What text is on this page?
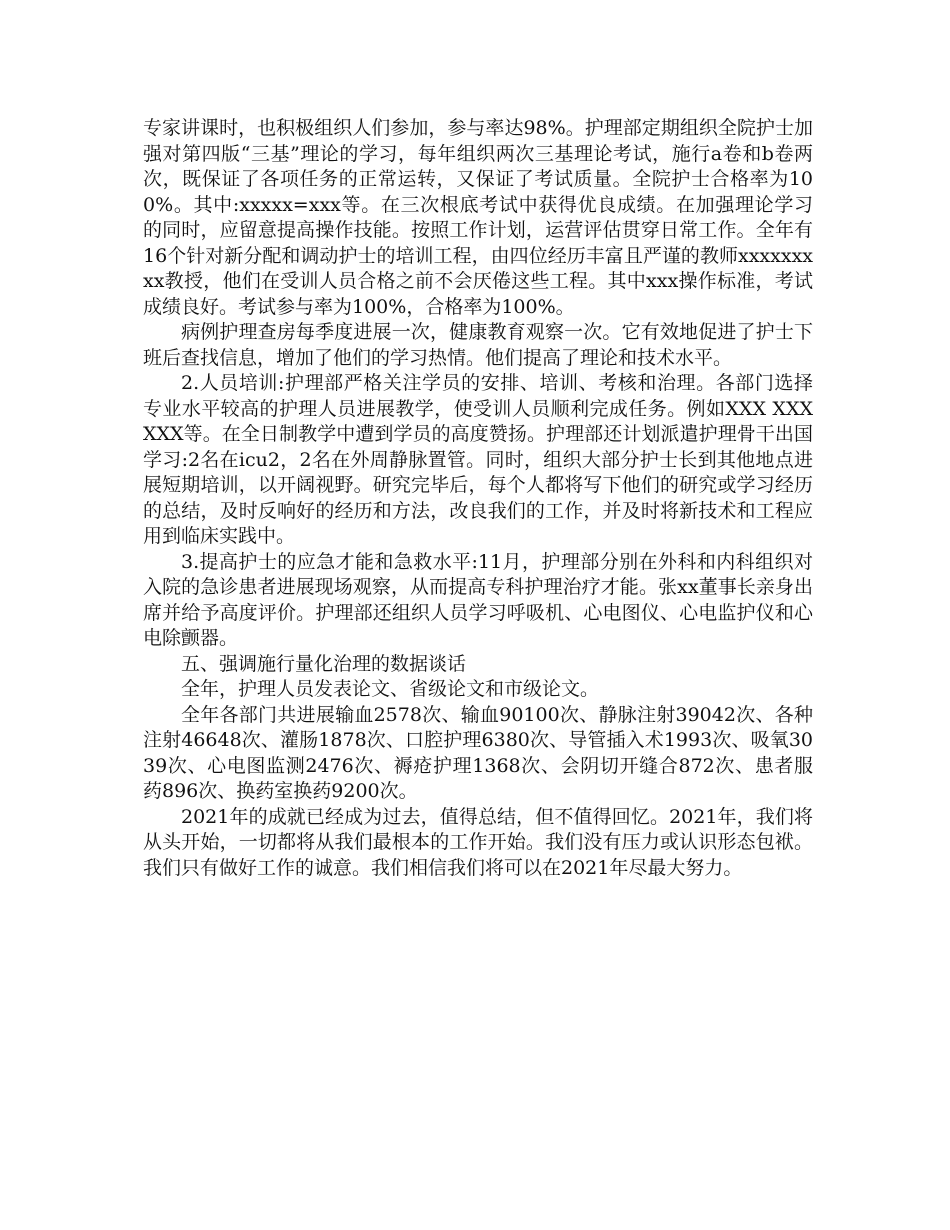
专家讲课时，也积极组织人们参加，参与率达98%。护理部定期组织全院护士加强对第四版“三基”理论的学习，每年组织两次三基理论考试，施行a卷和b卷两次，既保证了各项任务的正常运转，又保证了考试质量。全院护士合格率为100%。其中:xxxxx=xxx等。在三次根底考试中获得优良成绩。在加强理论学习的同时，应留意提高操作技能。按照工作计划，运营评估贯穿日常工作。全年有16个针对新分配和调动护士的培训工程，由四位经历丰富且严谨的教师xxxxxxxxx教授，他们在受训人员合格之前不会厌倦这些工程。其中xxx操作标准，考试成绩良好。考试参与率为100%，合格率为100%。

病例护理查房每季度进展一次，健康教育观察一次。它有效地促进了护士下班后查找信息，增加了他们的学习热情。他们提高了理论和技术水平。

2.人员培训:护理部严格关注学员的安排、培训、考核和治理。各部门选择专业水平较高的护理人员进展教学，使受训人员顺利完成任务。例如XXX XXX XXX等。在全日制教学中遭到学员的高度赞扬。护理部还计划派遣护理骨干出国学习:2名在icu2，2名在外周静脉置管。同时，组织大部分护士长到其他地点进展短期培训，以开阔视野。研究完毕后，每个人都将写下他们的研究或学习经历的总结，及时反响好的经历和方法，改良我们的工作，并及时将新技术和工程应用到临床实践中。

3.提高护士的应急才能和急救水平:11月，护理部分别在外科和内科组织对入院的急诊患者进展现场观察，从而提高专科护理治疗才能。张xx董事长亲身出席并给予高度评价。护理部还组织人员学习呼吸机、心电图仪、心电监护仪和心电除颤器。

五、强调施行量化治理的数据谈话

全年，护理人员发表论文、省级论文和市级论文。

全年各部门共进展输血2578次、输血90100次、静脉注射39042次、各种注射46648次、灌肠1878次、口腔护理6380次、导管插入术1993次、吸氧3039次、心电图监测2476次、褥疮护理1368次、会阴切开缝合872次、患者服药896次、换药室换药9200次。

2021年的成就已经成为过去，值得总结，但不值得回忆。2021年，我们将从头开始，一切都将从我们最根本的工作开始。我们没有压力或认识形态包袱。我们只有做好工作的诚意。我们相信我们将可以在2021年尽最大努力。
